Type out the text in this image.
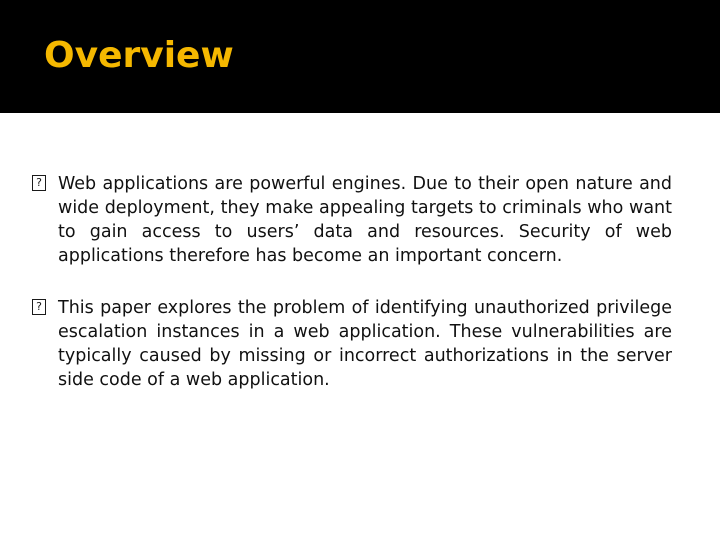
Overview
? Web applications are powerful engines. Due to their open nature and wide deployment, they make appealing targets to criminals who want to gain access to users’ data and resources. Security of web applications therefore has become an important concern.
? This paper explores the problem of identifying unauthorized privilege escalation instances in a web application. These vulnerabilities are typically caused by missing or incorrect authorizations in the server side code of a web application.
